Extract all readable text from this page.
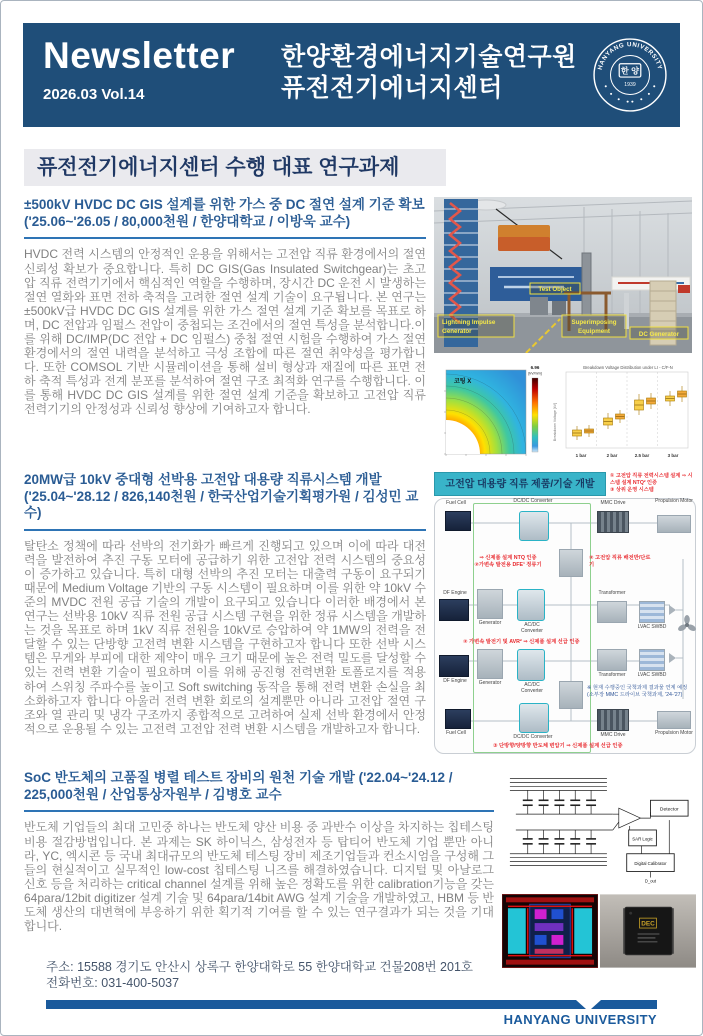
Newsletter
2026.03 Vol.14
한양환경에너지기술연구원
퓨전전기에너지센터
HANYANG UNIVERSITY
한 양
1939
퓨전전기에너지센터 수행 대표 연구과제
±500kV HVDC DC GIS 설계를 위한 가스 중 DC 절연 설계 기준 확보
('25.06~'26.05 / 80,000천원 / 한양대학교 / 이방욱 교수)

HVDC 전력 시스템의 안정적인 운용을 위해서는 고전압 직류 환경에서의 절연 신뢰성 확보가 중요합니다. 특히 DC GIS(Gas Insulated Switchgear)는 초고압 직류 전력기기에서 핵심적인 역할을 수행하며, 장시간 DC 운전 시 발생하는 절연 열화와 표면 전하 축적을 고려한 절연 설계 기술이 요구됩니다. 본 연구는 ±500kV급 HVDC DC GIS 설계를 위한 가스 절연 설계 기준 확보를 목표로 하며, DC 전압과 임펄스 전압이 중첩되는 조건에서의 절연 특성을 분석합니다.이를 위해 DC/IMP(DC 전압 + DC 임펄스) 중첩 절연 시험을 수행하여 가스 절연 환경에서의 절연 내력을 분석하고 극성 조합에 따른 절연 취약성을 평가합니다. 또한 COMSOL 기반 시뮬레이션을 통해 설비 형상과 재질에 따른 표면 전하 축적 특성과 전계 분포를 분석하여 절연 구조 최적화 연구를 수행합니다. 이를 통해 HVDC DC GIS 설계를 위한 절연 설계 기준을 확보하고 고전압 직류 전력기기의 안정성과 신뢰성 향상에 기여하고자 합니다.

Lightning Impulse
Generator
Test Object
Superimposing
Equipment	DC Generator
코팅 X
6.96
[kV/mm]
Breakdown Voltage Distribution under LI - C/F-N
Breakdown Voltage [kV]
1 bar	2 bar	2.5 bar	3 bar
20MW급 10kV 중대형 선박용 고전압 대용량 직류시스템 개발
('25.04~'28.12 / 826,140천원 / 한국산업기술기획평가원 / 김성민 교수)

탈탄소 정책에 따라 선박의 전기화가 빠르게 진행되고 있으며 이에 따라 대전력을 발전하여 추진 구동 모터에 공급하기 위한 고전압 전력 시스템의 중요성이 증가하고 있습니다. 특히 대형 선박의 추진 모터는 대출력 구동이 요구되기 때문에 Medium Voltage 기반의 구동 시스템이 필요하며 이를 위한 약 10kV 수준의 MVDC 전원 공급 기술의 개발이 요구되고 있습니다 이러한 배경에서 본 연구는 선박용 10kV 직류 전원 공급 시스템 구현을 위한 정류 시스템을 개발하는 것을 목표로 하며 1kV 직류 전원을 10kV로 승압하여 약 1MW의 전력을 전달할 수 있는 단방향 고전력 변환 시스템을 구현하고자 합니다 또한 선박 시스템은 무게와 부피에 대한 제약이 매우 크기 때문에 높은 전력 밀도를 달성할 수 있는 전력 변환 기술이 필요하며 이를 위해 공진형 전력변환 토폴로지를 적용하여 스위칭 주파수를 높이고 Soft switching 동작을 통해 전력 변환 손실을 최소화하고자 합니다 아울러 전력 변환 회로의 설계뿐만 아니라 고전압 절연 구조와 열 관리 및 냉각 구조까지 종합적으로 고려하여 실제 선박 환경에서 안정적으로 운용될 수 있는 고전력 고전압 전력 변환 시스템을 개발하고자 합니다.

고전압 대용량 직류 제품/기술 개발
① 고전압 직류 전력시스템 설계 ⇒ 시스템 설계 NTQ² 인증
③ 상위 운영 시스템
Fuel Cell	DC/DC Converter	MMC Drive	Propulsion Motor
⇒ 신제품 설계 NTQ 인증
②가변속 발전용 DFE¹ 정류기
② 고전압 직류 배전반/단로기
DF Engine
Generator	AC/DC Converter
Transformer
LVAC SWBD
② 가변속 발전기 및 AVR² ⇒ 신제품 설계 선급 인증
Transformer	LVAC SWBD
DF Engine	Generator	AC/DC Converter	※ 현재 수행중인 국책과제 결과물 연계 예정
(소부장 MMC 드라이브 국책과제, '24-'27)
Fuel Cell
DC/DC Converter	MMC Drive	Propulsion Motor
③ 단방향/양방향 반도체 변압기 ⇒ 신제품 설계 선급 인증
SoC 반도체의 고품질 병렬 테스트 장비의 원천 기술 개발 ('22.04~'24.12 / 225,000천원 / 산업통상자원부 / 김병호 교수

반도체 기업들의 최대 고민중 하나는 반도체 양산 비용 중 과반수 이상을 차지하는 칩테스팅 비용 절감방법입니다. 본 과제는 SK 하이닉스, 삼성전자 등 탑티어 반도체 기업 뿐만 아니라, YC, 엑시콘 등 국내 최대규모의 반도체 테스팅 장비 제조기업들과 컨소시엄을 구성해 그들의 현실적이고 실무적인 low-cost 칩테스팅 니즈를 해결하였습니다. 디지털 및 아날로그 신호 등을 처리하는 critical channel 설계를 위해 높은 정확도를 위한 calibration기능을 갖는 64para/12bit digitizer 설계 기술 및 64para/14bit AWG 설계 기술을 개발하였고, HBM 등 반도체 생산의 대변혁에 부응하기 위한 획기적 기여를 할 수 있는 연구결과가 되는 것을 기대합니다.

Detector
SAR Logic
Digital Calibrator
D_out
DEC
주소: 15588 경기도 안산시 상록구 한양대학로 55 한양대학교 건물208번 201호
전화번호: 031-400-5037
HANYANG UNIVERSITY
